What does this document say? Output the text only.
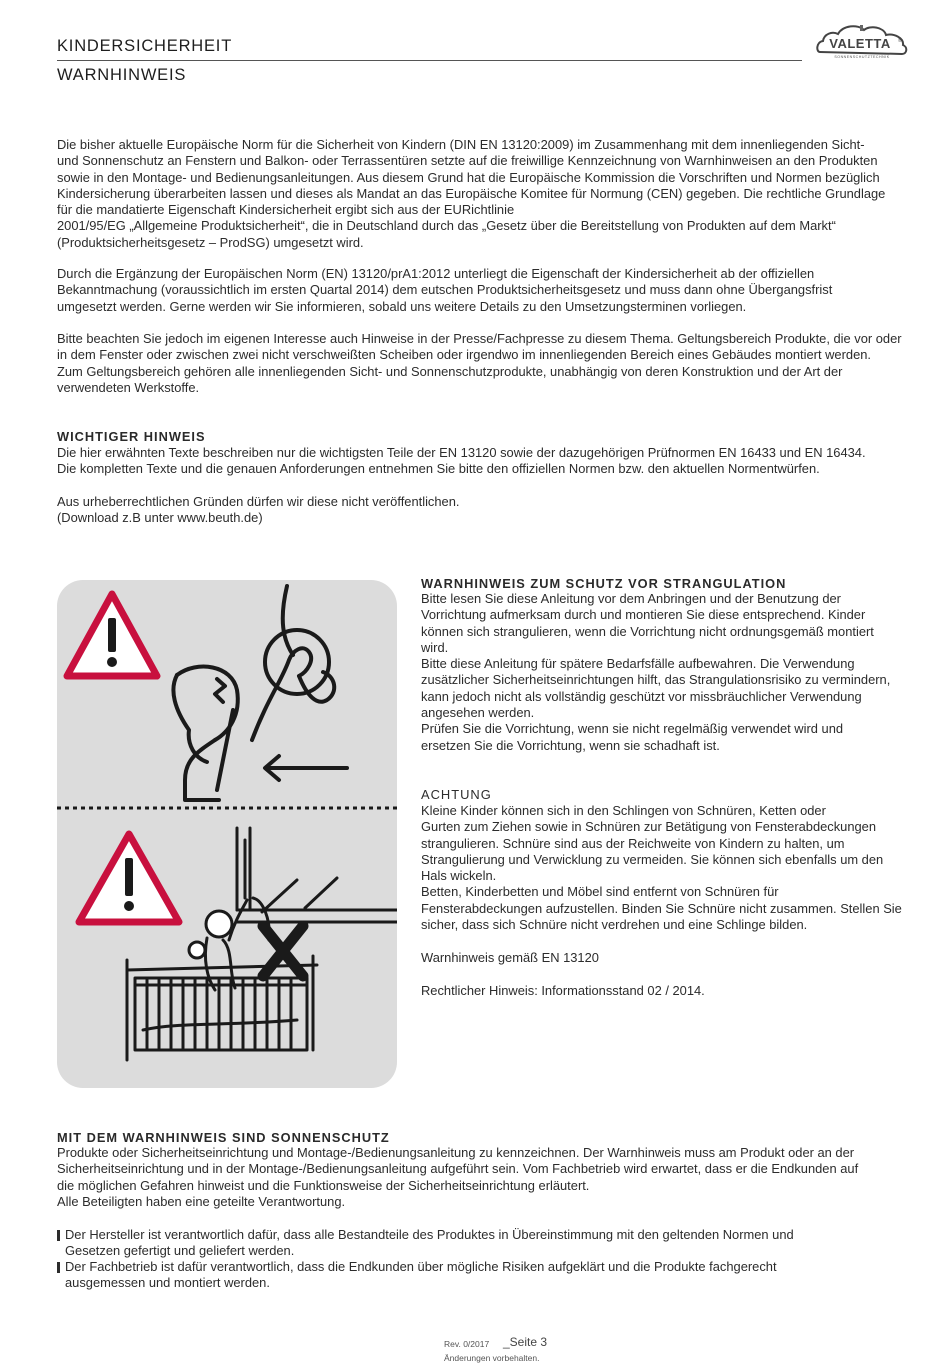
KINDERSICHERHEIT
WARNHINWEIS
VALETTA ®
SONNENSCHUTZTECHNIK
Die bisher aktuelle Europäische Norm für die Sicherheit von Kindern (DIN EN 13120:2009) im Zusammenhang mit dem innenliegenden Sicht-
und Sonnenschutz an Fenstern und Balkon- oder Terrassentüren setzte auf die freiwillige Kennzeichnung von Warnhinweisen an den Produkten
sowie in den Montage- und Bedienungsanleitungen. Aus diesem Grund hat die Europäische Kommission die Vorschriften und Normen bezüglich
Kindersicherung überarbeiten lassen und dieses als Mandat an das Europäische Komitee für Normung (CEN) gegeben. Die rechtliche Grundlage
für die mandatierte Eigenschaft Kindersicherheit ergibt sich aus der EURichtlinie
2001/95/EG „Allgemeine Produktsicherheit“, die in Deutschland durch das „Gesetz über die Bereitstellung von Produkten auf dem Markt“
(Produktsicherheitsgesetz – ProdSG) umgesetzt wird.
Durch die Ergänzung der Europäischen Norm (EN) 13120/prA1:2012 unterliegt die Eigenschaft der Kindersicherheit ab der offiziellen
Bekanntmachung (voraussichtlich im ersten Quartal 2014) dem eutschen Produktsicherheitsgesetz und muss dann ohne Übergangsfrist
umgesetzt werden. Gerne werden wir Sie informieren, sobald uns weitere Details zu den Umsetzungsterminen vorliegen.
Bitte beachten Sie jedoch im eigenen Interesse auch Hinweise in der Presse/Fachpresse zu diesem Thema. Geltungsbereich Produkte, die vor oder
in dem Fenster oder zwischen zwei nicht verschweißten Scheiben oder irgendwo im innenliegenden Bereich eines Gebäudes montiert werden.
Zum Geltungsbereich gehören alle innenliegenden Sicht- und Sonnenschutzprodukte, unabhängig von deren Konstruktion und der Art der
verwendeten Werkstoffe.
WICHTIGER HINWEIS
Die hier erwähnten Texte beschreiben nur die wichtigsten Teile der EN 13120 sowie der dazugehörigen Prüfnormen EN 16433 und EN 16434.
Die kompletten Texte und die genauen Anforderungen entnehmen Sie bitte den offiziellen Normen bzw. den aktuellen Normentwürfen.
Aus urheberrechtlichen Gründen dürfen wir diese nicht veröffentlichen.
(Download z.B unter www.beuth.de)
WARNHINWEIS ZUM SCHUTZ VOR STRANGULATION
Bitte lesen Sie diese Anleitung vor dem Anbringen und der Benutzung der
Vorrichtung aufmerksam durch und montieren Sie diese entsprechend. Kinder
können sich strangulieren, wenn die Vorrichtung nicht ordnungsgemäß montiert
wird.
Bitte diese Anleitung für spätere Bedarfsfälle aufbewahren. Die Verwendung
zusätzlicher Sicherheitseinrichtungen hilft, das Strangulationsrisiko zu vermindern,
kann jedoch nicht als vollständig geschützt vor missbräuchlicher Verwendung
angesehen werden.
Prüfen Sie die Vorrichtung, wenn sie nicht regelmäßig verwendet wird und
ersetzen Sie die Vorrichtung, wenn sie schadhaft ist.
ACHTUNG
Kleine Kinder können sich in den Schlingen von Schnüren, Ketten oder
Gurten zum Ziehen sowie in Schnüren zur Betätigung von Fensterabdeckungen
strangulieren. Schnüre sind aus der Reichweite von Kindern zu halten, um
Strangulierung und Verwicklung zu vermeiden. Sie können sich ebenfalls um den
Hals wickeln.
Betten, Kinderbetten und Möbel sind entfernt von Schnüren für
Fensterabdeckungen aufzustellen. Binden Sie Schnüre nicht zusammen. Stellen Sie
sicher, dass sich Schnüre nicht verdrehen und eine Schlinge bilden.
Warnhinweis gemäß EN 13120
Rechtlicher Hinweis: Informationsstand 02 / 2014.
MIT DEM WARNHINWEIS SIND SONNENSCHUTZ
Produkte oder Sicherheitseinrichtung und Montage-/Bedienungsanleitung zu kennzeichnen. Der Warnhinweis muss am Produkt oder an der
Sicherheitseinrichtung und in der Montage-/Bedienungsanleitung aufgeführt sein. Vom Fachbetrieb wird erwartet, dass er die Endkunden auf
die möglichen Gefahren hinweist und die Funktionsweise der Sicherheitseinrichtung erläutert.
Alle Beteiligten haben eine geteilte Verantwortung.
Der Hersteller ist verantwortlich dafür, dass alle Bestandteile des Produktes in Übereinstimmung mit den geltenden Normen und
Gesetzen gefertigt und geliefert werden.
Der Fachbetrieb ist dafür verantwortlich, dass die Endkunden über mögliche Risiken aufgeklärt und die Produkte fachgerecht
ausgemessen und montiert werden.
Rev. 0/2017 _Seite 3
Änderungen vorbehalten.
